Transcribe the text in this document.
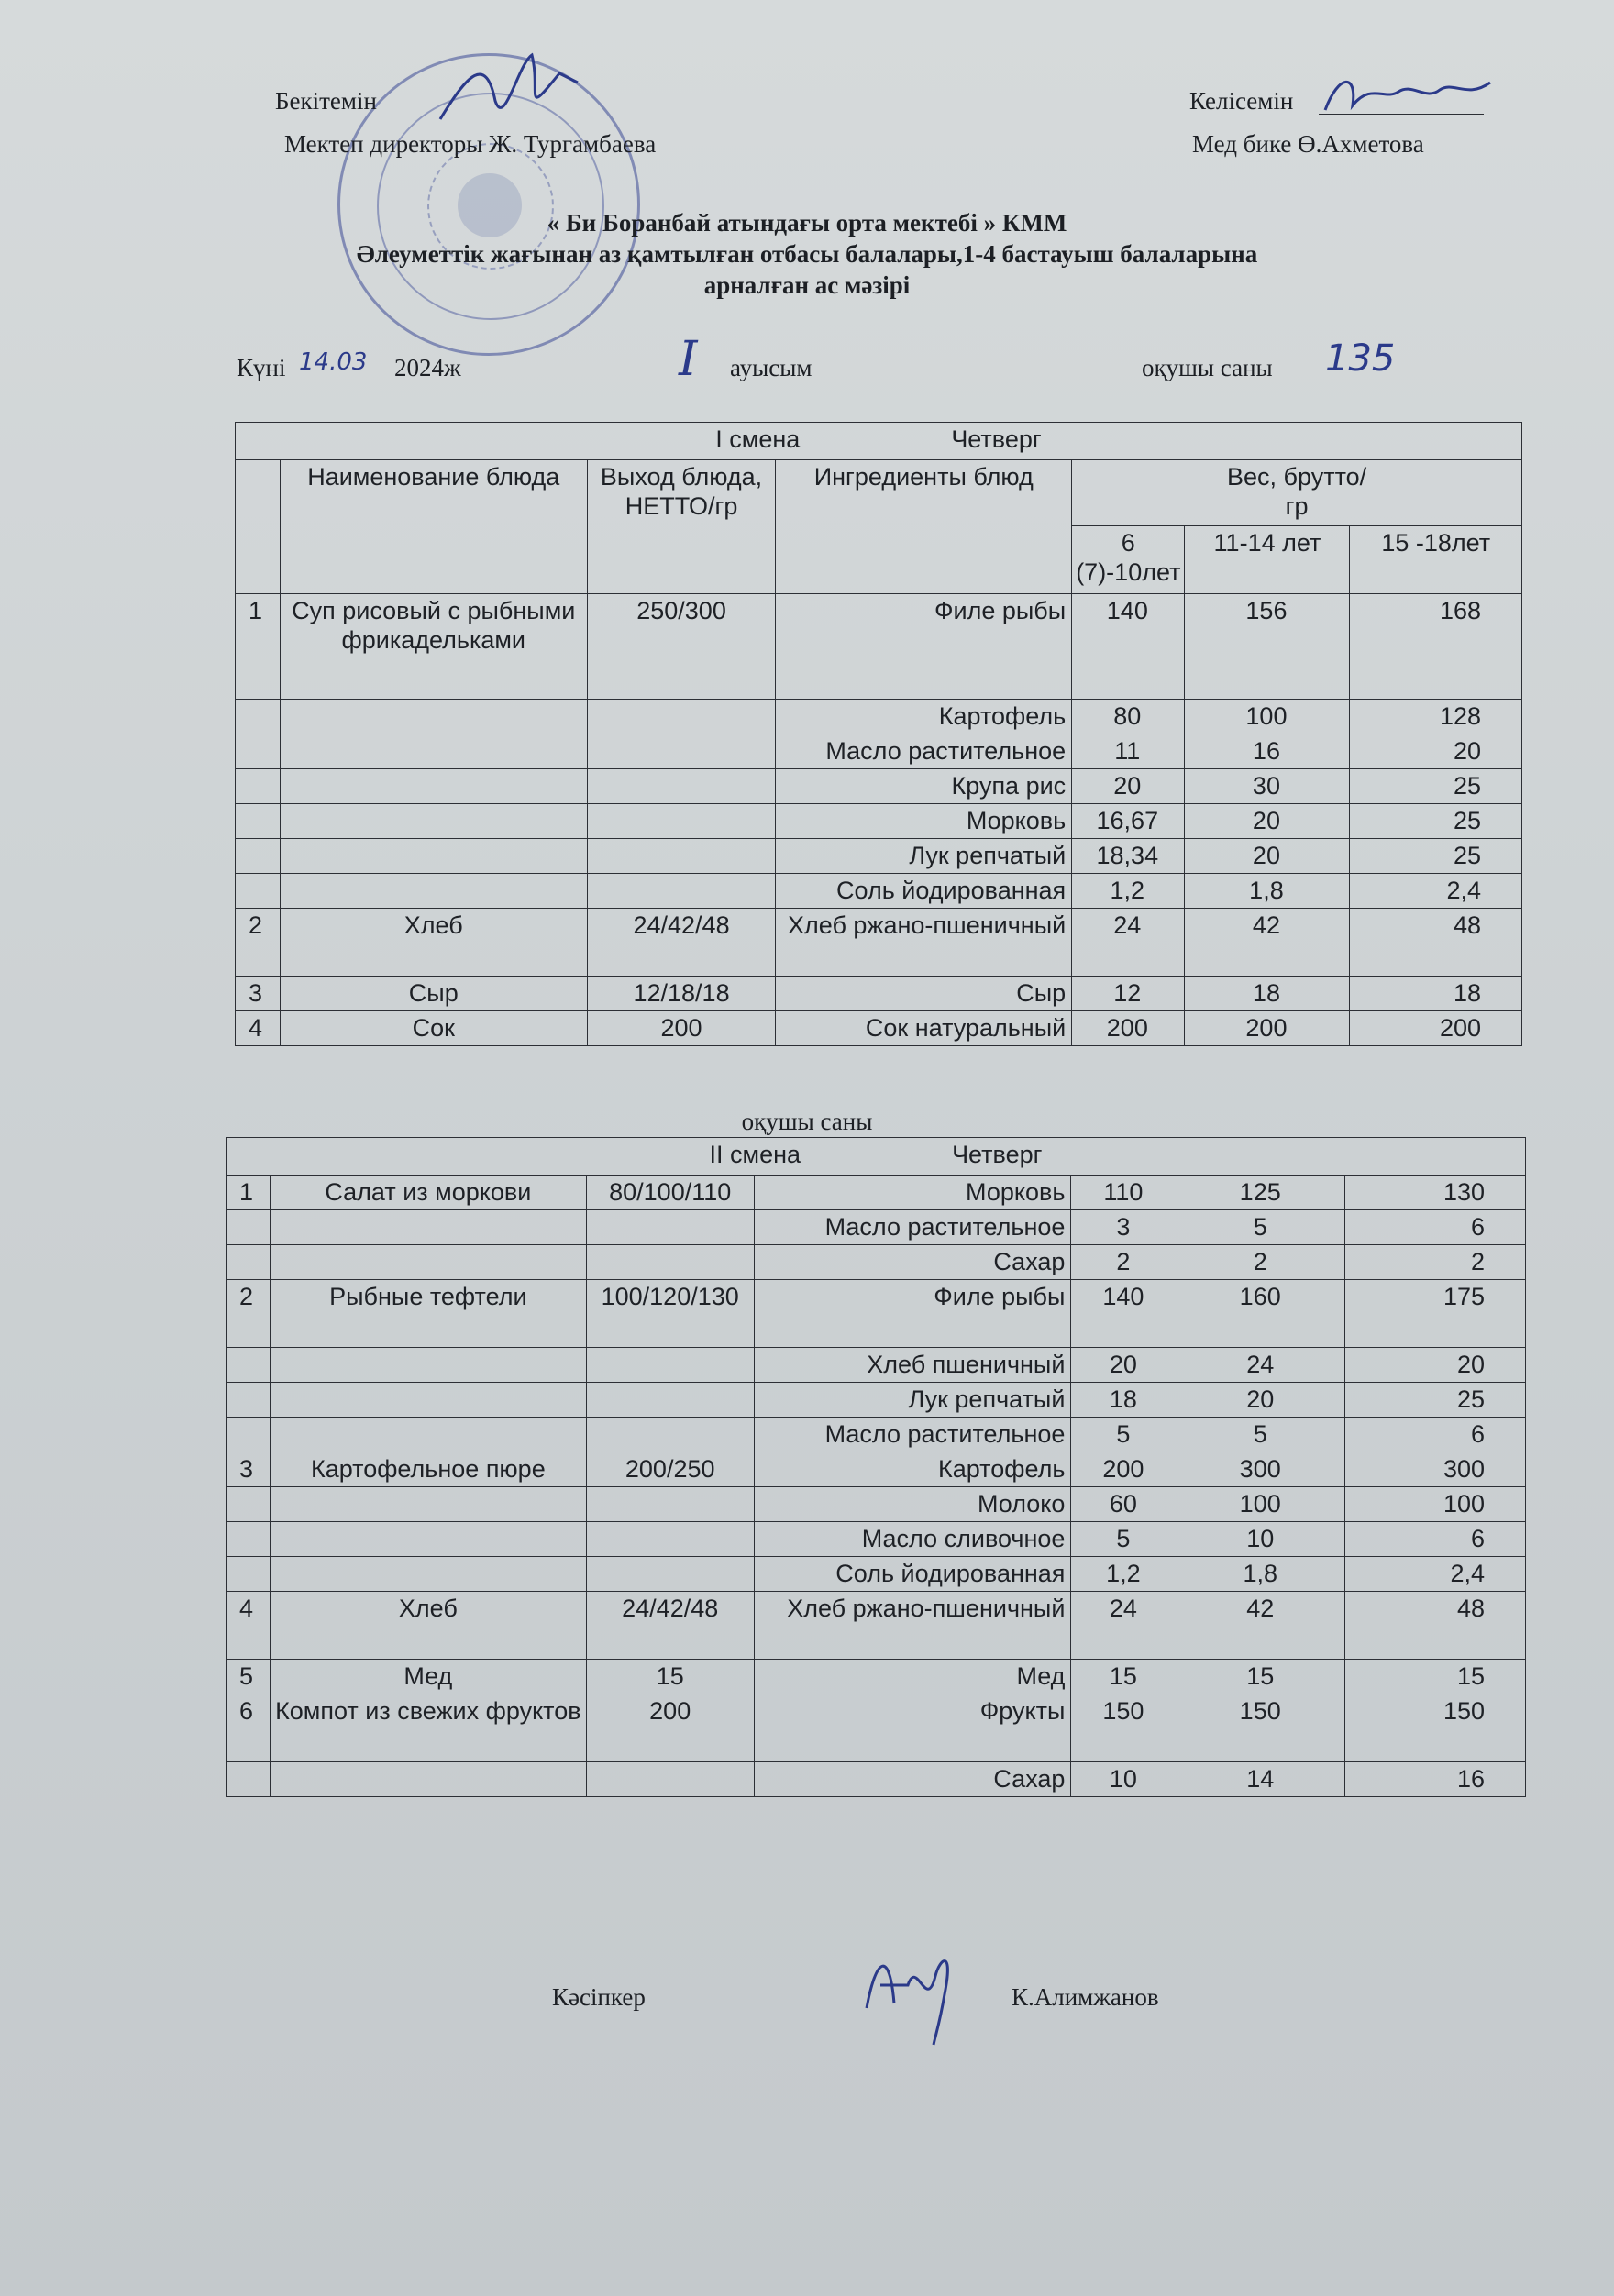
Бекітемін
Мектеп директоры Ж. Тургамбаева
Келісемін
Мед бике Ө.Ахметова
« Би Боранбай атындағы орта мектебі » КММ
Әлеуметтік жағынан аз қамтылған отбасы балалары,1-4 бастауыш балаларына
арналған ас мәзірі
Күні 14.03 2024ж	I ауысым	оқушы саны 135
I смена Четверг						
	Наименование блюда	Выход блюда, НЕТТО/гр	Ингредиенты блюд	Вес, брутто/гр		
				6 (7)-10лет	11-14 лет	15 -18лет
1	Суп рисовый с рыбными фрикадельками	250/300	Филе рыбы	140	156	168
			Картофель	80	100	128
			Масло растительное	11	16	20
			Крупа рис	20	30	25
			Морковь	16,67	20	25
			Лук репчатый	18,34	20	25
			Соль йодированная	1,2	1,8	2,4
2	Хлеб	24/42/48	Хлеб ржано-пшеничный	24	42	48
3	Сыр	12/18/18	Сыр	12	18	18
4	Сок	200	Сок натуральный	200	200	200
оқушы саны
II смена Четверг						
1	Салат из моркови	80/100/110	Морковь	110	125	130
			Масло растительное	3	5	6
			Сахар	2	2	2
2	Рыбные тефтели	100/120/130	Филе рыбы	140	160	175
			Хлеб пшеничный	20	24	20
			Лук репчатый	18	20	25
			Масло растительное	5	5	6
3	Картофельное пюре	200/250	Картофель	200	300	300
			Молоко	60	100	100
			Масло сливочное	5	10	6
			Соль йодированная	1,2	1,8	2,4
4	Хлеб	24/42/48	Хлеб ржано-пшеничный	24	42	48
5	Мед	15	Мед	15	15	15
6	Компот из свежих фруктов	200	Фрукты	150	150	150
			Сахар	10	14	16
Кәсіпкер	К.Алимжанов
